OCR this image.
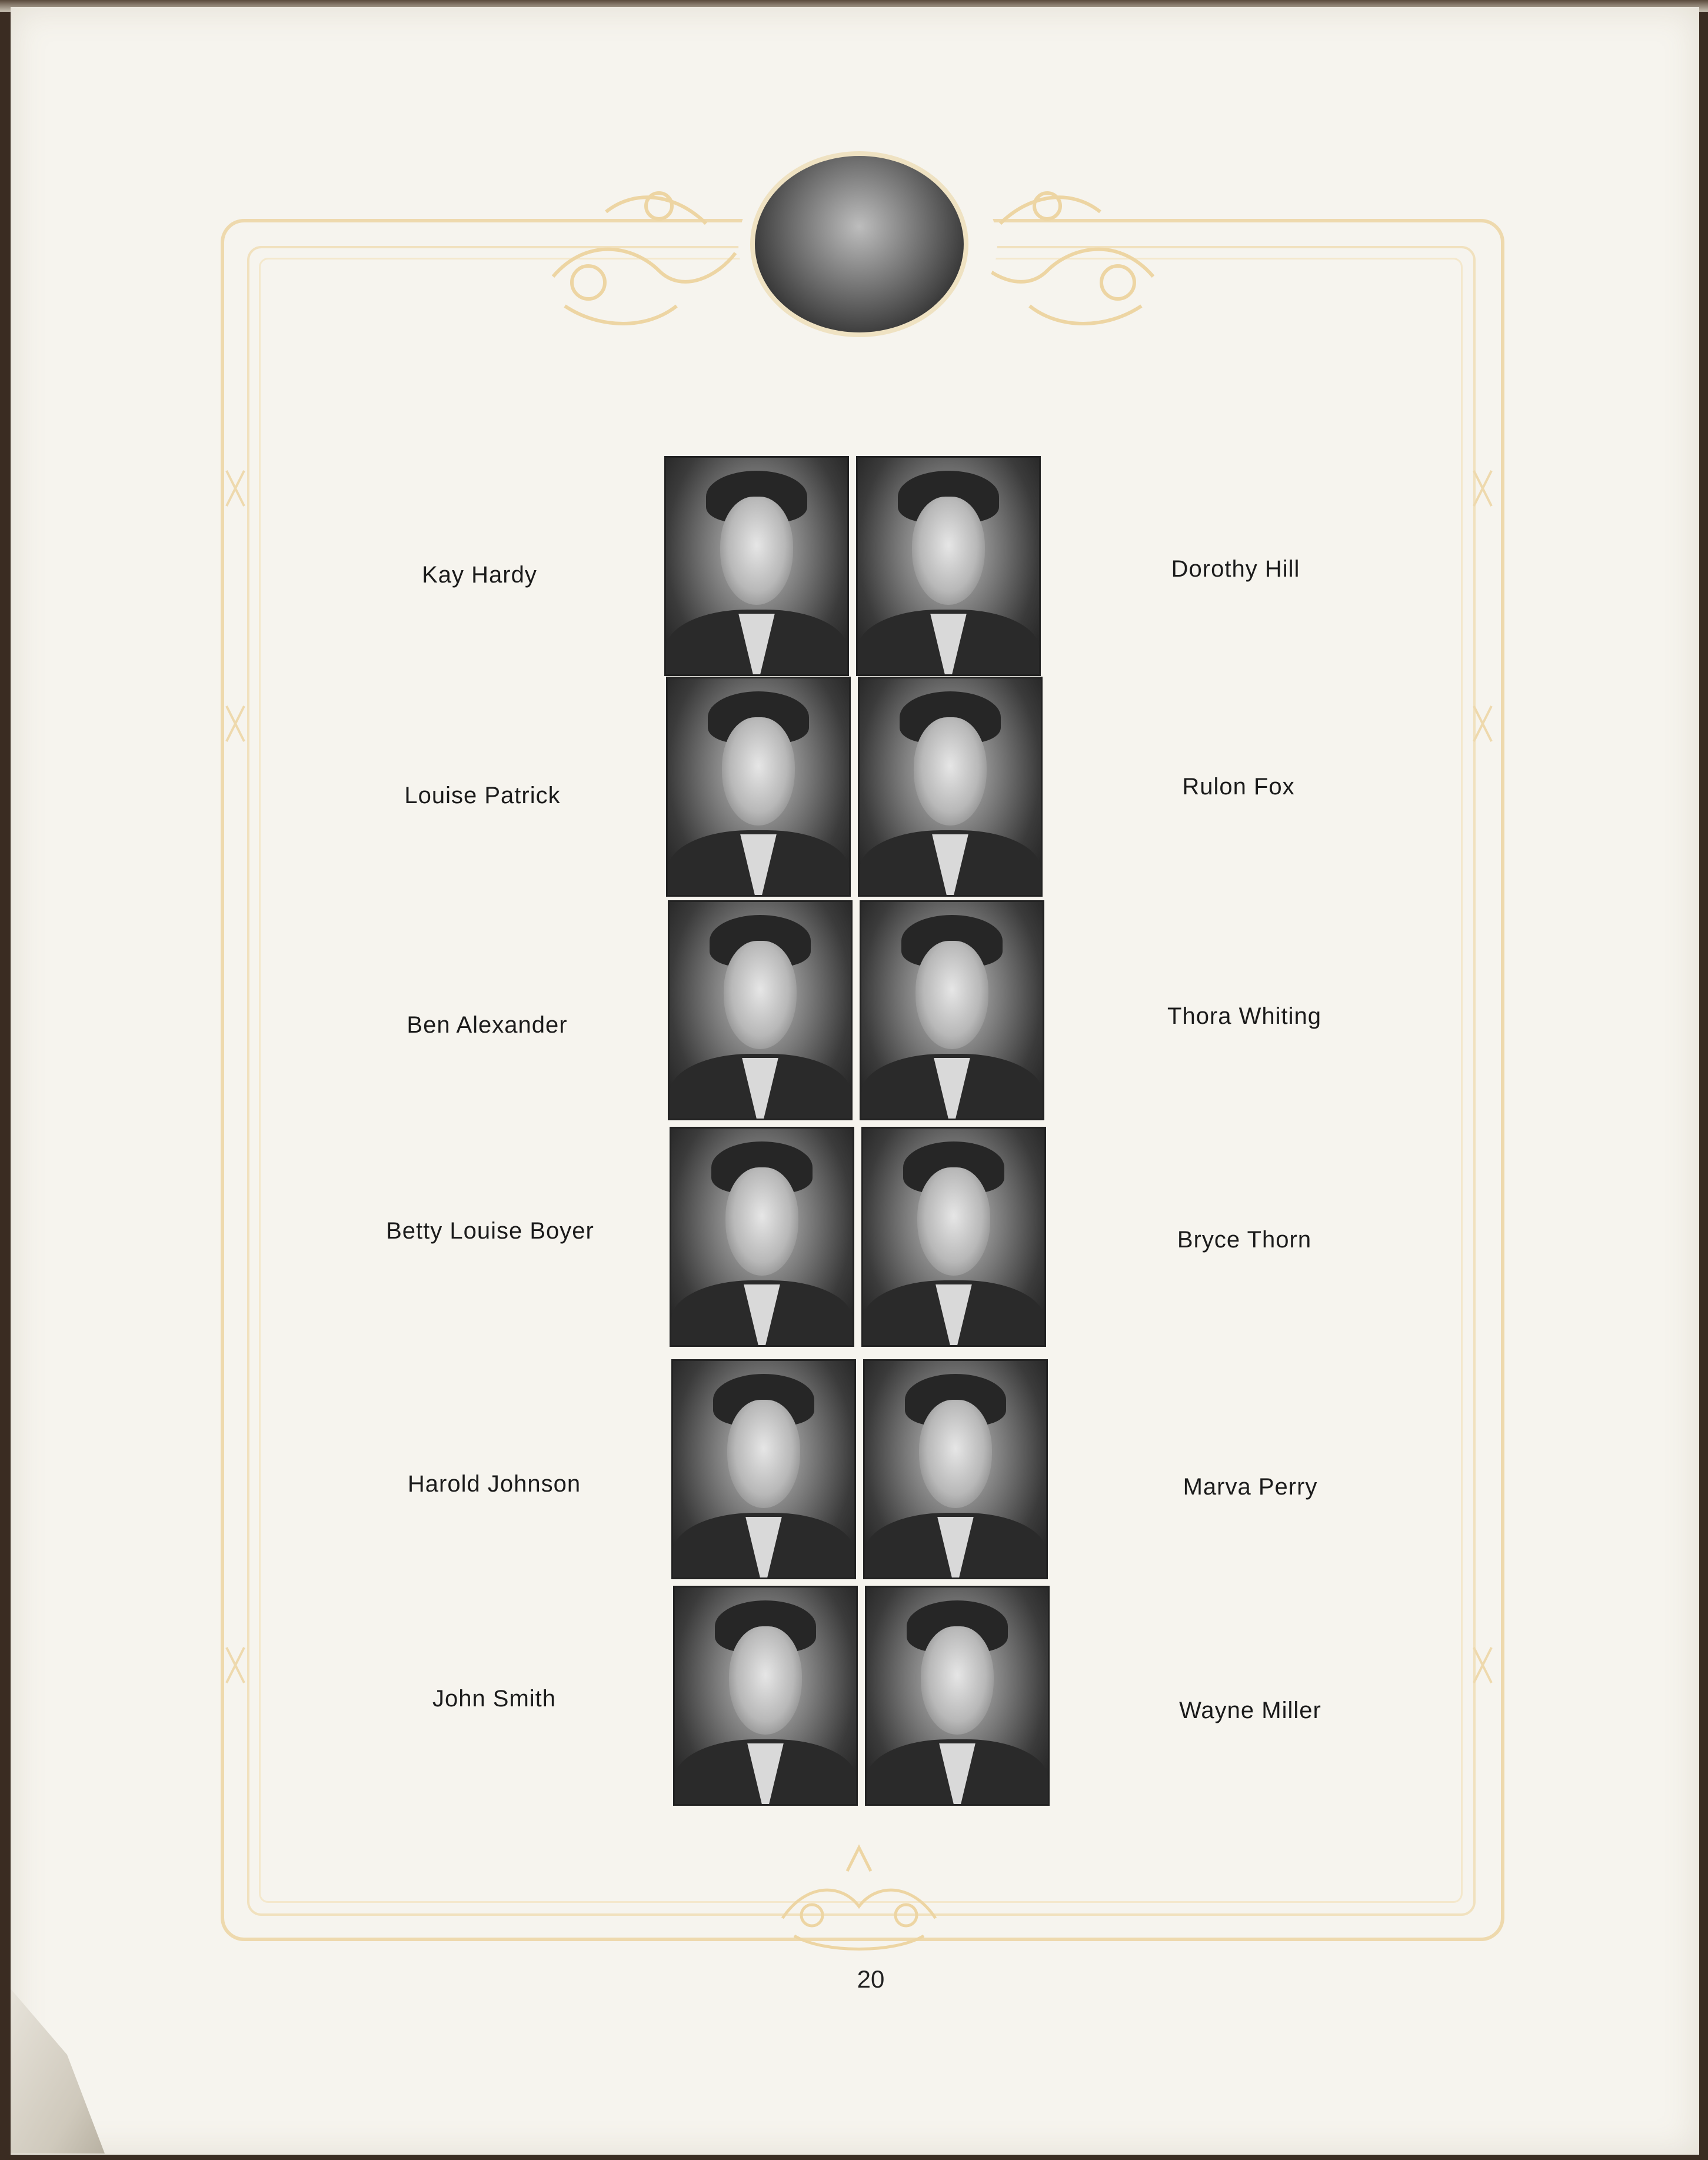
Kay Hardy
Louise Patrick
Ben Alexander
Betty Louise Boyer
Harold Johnson
John Smith
Dorothy Hill
Rulon Fox
Thora Whiting
Bryce Thorn
Marva Perry
Wayne Miller
20
